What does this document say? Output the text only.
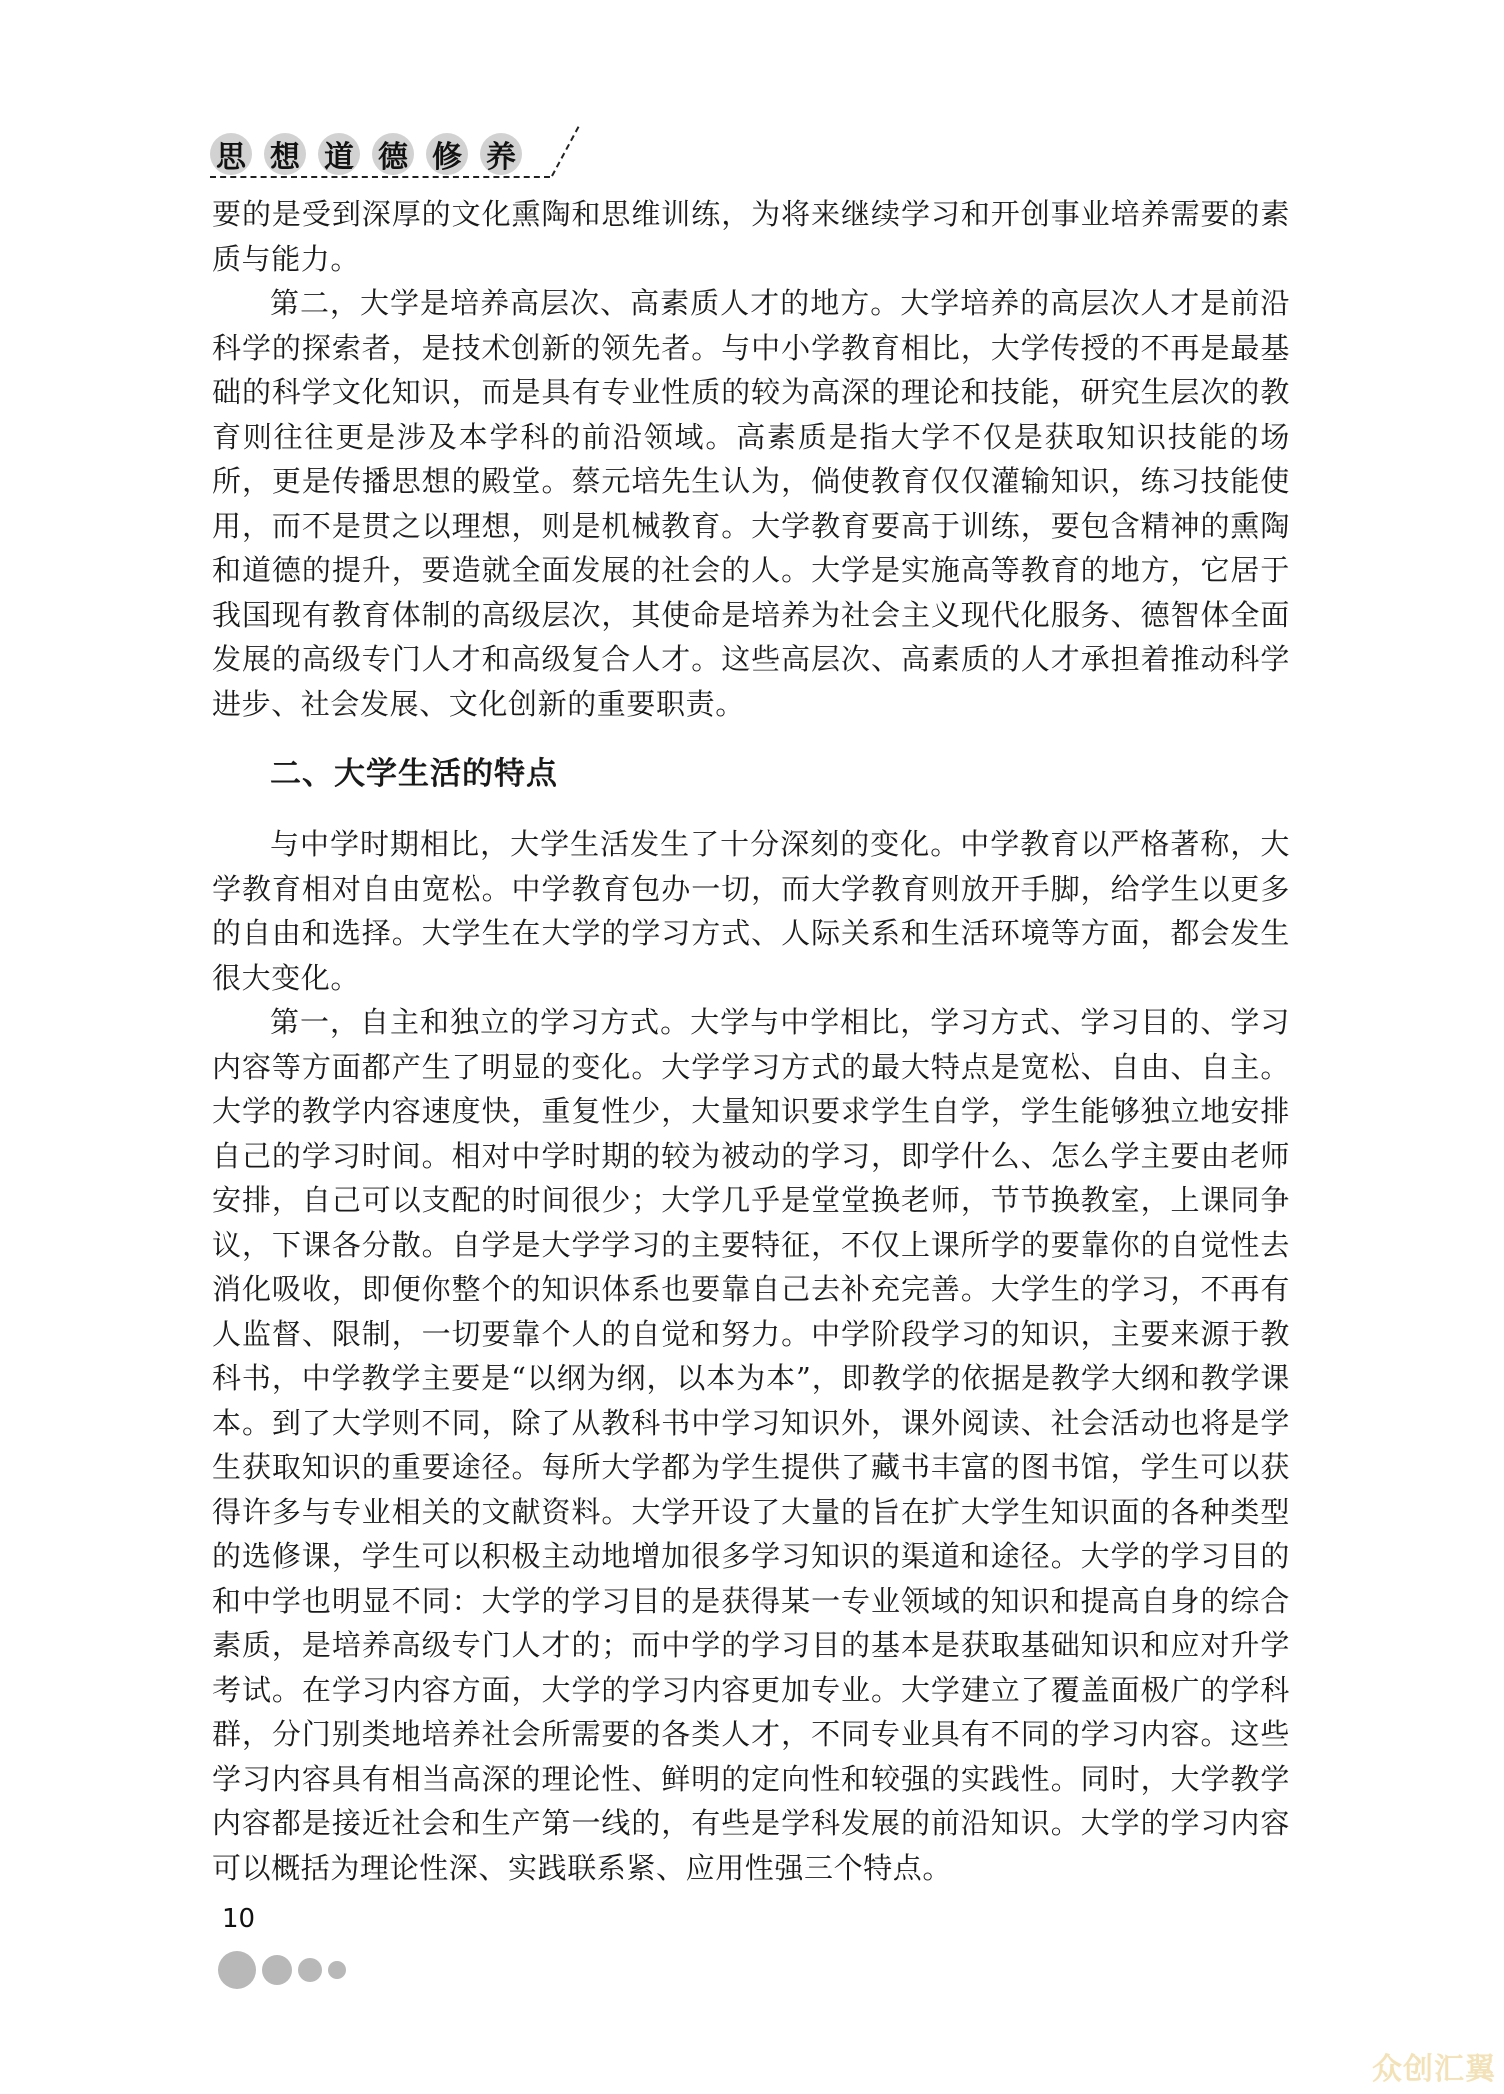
思 想 道 德 修 养

要的是受到深厚的文化熏陶和思维训练，为将来继续学习和开创事业培养需要的素质与能力。

第二，大学是培养高层次、高素质人才的地方。大学培养的高层次人才是前沿科学的探索者，是技术创新的领先者。与中小学教育相比，大学传授的不再是最基础的科学文化知识，而是具有专业性质的较为高深的理论和技能，研究生层次的教育则往往更是涉及本学科的前沿领域。高素质是指大学不仅是获取知识技能的场所，更是传播思想的殿堂。蔡元培先生认为，倘使教育仅仅灌输知识，练习技能使用，而不是贯之以理想，则是机械教育。大学教育要高于训练，要包含精神的熏陶和道德的提升，要造就全面发展的社会的人。大学是实施高等教育的地方，它居于我国现有教育体制的高级层次，其使命是培养为社会主义现代化服务、德智体全面发展的高级专门人才和高级复合人才。这些高层次、高素质的人才承担着推动科学进步、社会发展、文化创新的重要职责。

二、大学生活的特点

与中学时期相比，大学生活发生了十分深刻的变化。中学教育以严格著称，大学教育相对自由宽松。中学教育包办一切，而大学教育则放开手脚，给学生以更多的自由和选择。大学生在大学的学习方式、人际关系和生活环境等方面，都会发生很大变化。

第一，自主和独立的学习方式。大学与中学相比，学习方式、学习目的、学习内容等方面都产生了明显的变化。大学学习方式的最大特点是宽松、自由、自主。大学的教学内容速度快，重复性少，大量知识要求学生自学，学生能够独立地安排自己的学习时间。相对中学时期的较为被动的学习，即学什么、怎么学主要由老师安排，自己可以支配的时间很少；大学几乎是堂堂换老师，节节换教室，上课同争议，下课各分散。自学是大学学习的主要特征，不仅上课所学的要靠你的自觉性去消化吸收，即便你整个的知识体系也要靠自己去补充完善。大学生的学习，不再有人监督、限制，一切要靠个人的自觉和努力。中学阶段学习的知识，主要来源于教科书，中学教学主要是“以纲为纲，以本为本”，即教学的依据是教学大纲和教学课本。到了大学则不同，除了从教科书中学习知识外，课外阅读、社会活动也将是学生获取知识的重要途径。每所大学都为学生提供了藏书丰富的图书馆，学生可以获得许多与专业相关的文献资料。大学开设了大量的旨在扩大学生知识面的各种类型的选修课，学生可以积极主动地增加很多学习知识的渠道和途径。大学的学习目的和中学也明显不同：大学的学习目的是获得某一专业领域的知识和提高自身的综合素质，是培养高级专门人才的；而中学的学习目的基本是获取基础知识和应对升学考试。在学习内容方面，大学的学习内容更加专业。大学建立了覆盖面极广的学科群，分门别类地培养社会所需要的各类人才，不同专业具有不同的学习内容。这些学习内容具有相当高深的理论性、鲜明的定向性和较强的实践性。同时，大学教学内容都是接近社会和生产第一线的，有些是学科发展的前沿知识。大学的学习内容可以概括为理论性深、实践联系紧、应用性强三个特点。

10
众创汇翼
